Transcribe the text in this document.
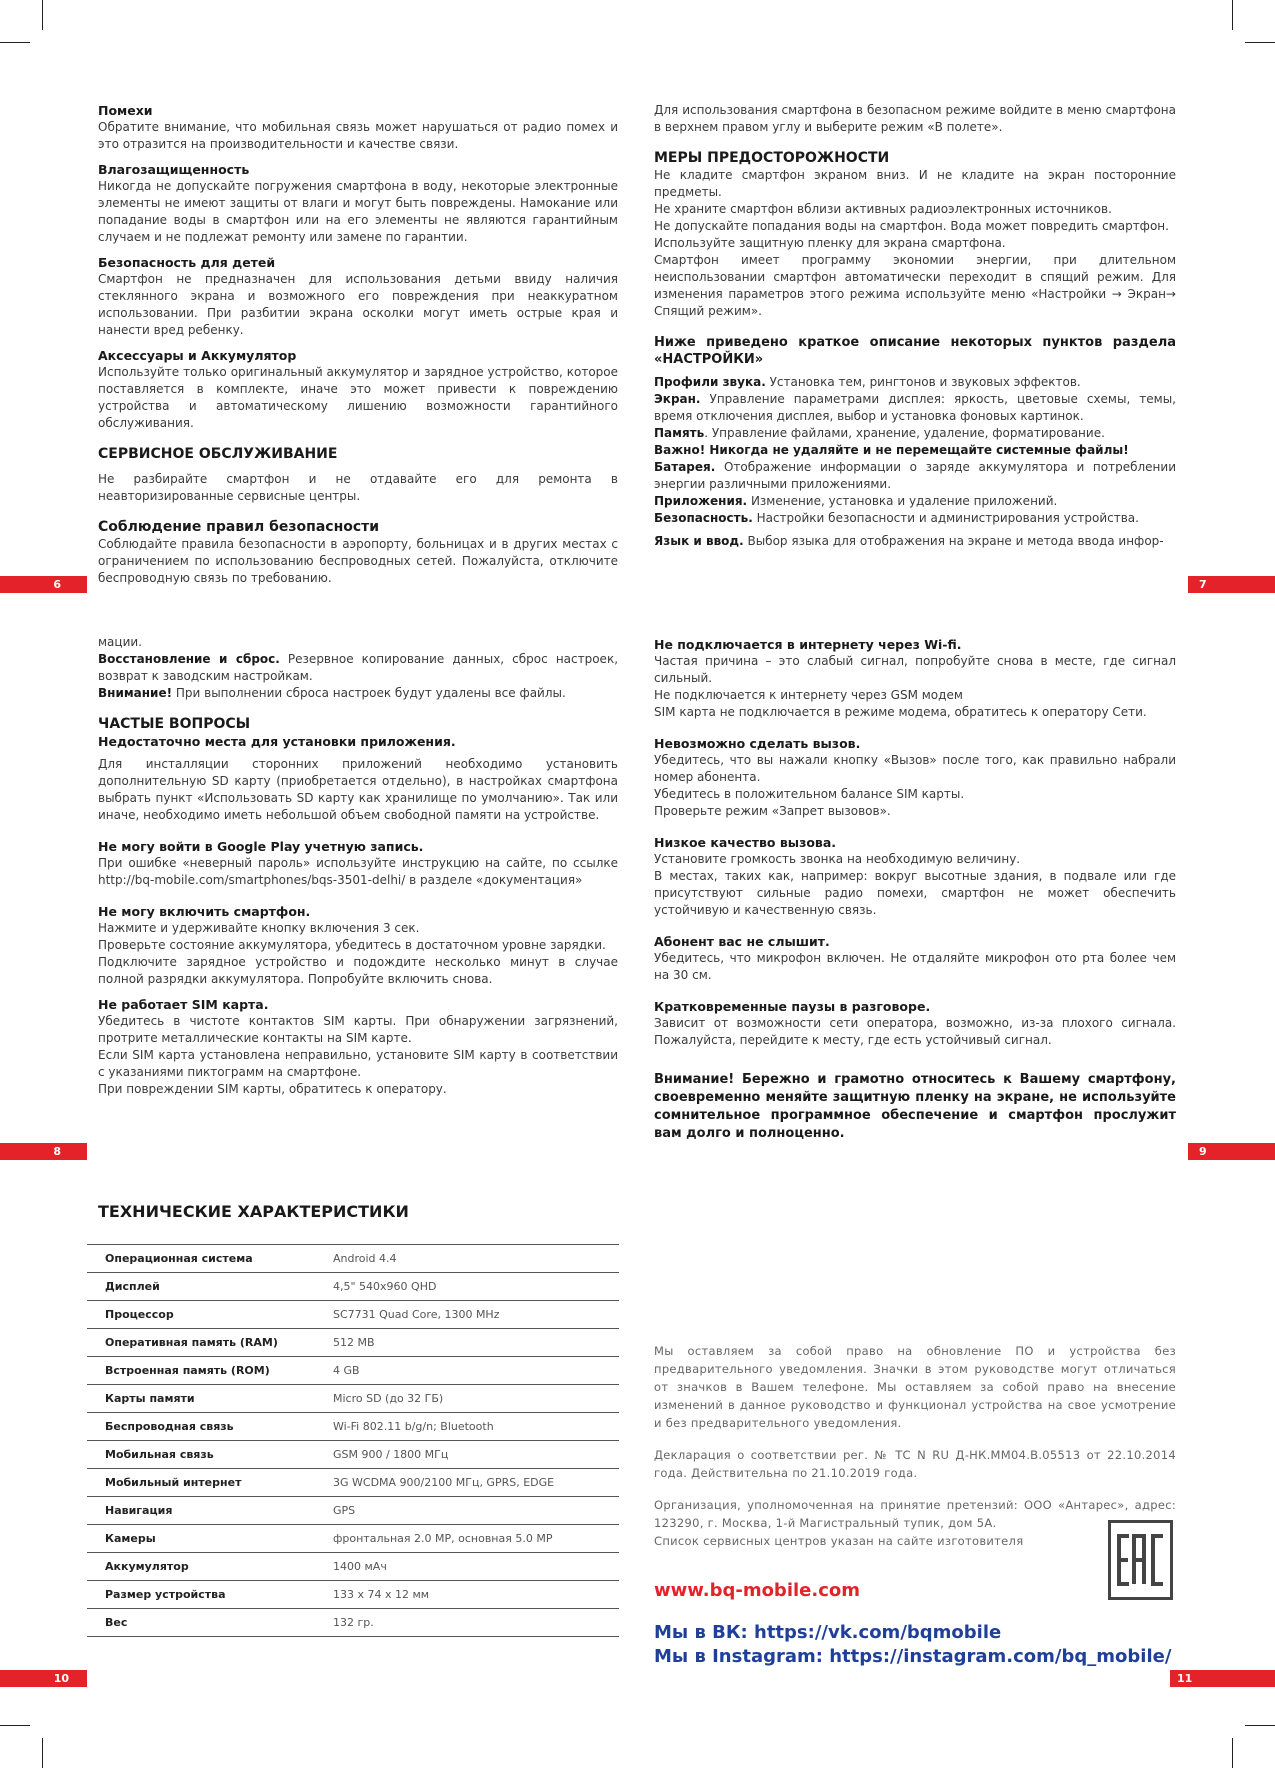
Помехи

Обратите внимание, что мобильная связь может нарушаться от радио помех и это отразится на производительности и качестве связи.

Влагозащищенность

Никогда не допускайте погружения смартфона в воду, некоторые электронные элементы не имеют защиты от влаги и могут быть повреждены. Намокание или попадание воды в смартфон или на его элементы не являются гарантийным случаем и не подлежат ремонту или замене по гарантии.

Безопасность для детей

Смартфон не предназначен для использования детьми ввиду наличия стеклянного экрана и возможного его повреждения при неаккуратном использовании. При разбитии экрана осколки могут иметь острые края и нанести вред ребенку.

Аксессуары и Аккумулятор

Используйте только оригинальный аккумулятор и зарядное устройство, которое поставляется в комплекте, иначе это может привести к повреждению устройства и автоматическому лишению возможности гарантийного обслуживания.

СЕРВИСНОЕ ОБСЛУЖИВАНИЕ

Не разбирайте смартфон и не отдавайте его для ремонта в неавторизированные сервисные центры.

Соблюдение правил безопасности

Соблюдайте правила безопасности в аэропорту, больницах и в других местах с ограничением по использованию беспроводных сетей. Пожалуйста, отключите беспроводную связь по требованию.

6

Для использования смартфона в безопасном режиме войдите в меню смартфона в верхнем правом углу и выберите режим «В полете».

МЕРЫ ПРЕДОСТОРОЖНОСТИ

Не кладите смартфон экраном вниз. И не кладите на экран посторонние предметы.

Не храните смартфон вблизи активных радиоэлектронных источников.

Не допускайте попадания воды на смартфон. Вода может повредить смартфон.

Используйте защитную пленку для экрана смартфона.

Смартфон имеет программу экономии энергии, при длительном неиспользовании смартфон автоматически переходит в спящий режим. Для изменения параметров этого режима используйте меню «Настройки → Экран→ Спящий режим».

Ниже приведено краткое описание некоторых пунктов раздела «НАСТРОЙКИ»

Профили звука. Установка тем, рингтонов и звуковых эффектов.

Экран. Управление параметрами дисплея: яркость, цветовые схемы, темы, время отключения дисплея, выбор и установка фоновых картинок.

Память. Управление файлами, хранение, удаление, форматирование.

Важно! Никогда не удаляйте и не перемещайте системные файлы!

Батарея. Отображение информации о заряде аккумулятора и потреблении энергии различными приложениями.

Приложения. Изменение, установка и удаление приложений.

Безопасность. Настройки безопасности и администрирования устройства.

Язык и ввод. Выбор языка для отображения на экране и метода ввода инфор-

7

мации.

Восстановление и сброс. Резервное копирование данных, сброс настроек, возврат к заводским настройкам.

Внимание! При выполнении сброса настроек будут удалены все файлы.

ЧАСТЫЕ ВОПРОСЫ

Недостаточно места для установки приложения.

Для инсталляции сторонних приложений необходимо установить дополнительную SD карту (приобретается отдельно), в настройках смартфона выбрать пункт «Использовать SD карту как хранилище по умолчанию». Так или иначе, необходимо иметь небольшой объем свободной памяти на устройстве.

Не могу войти в Google Play учетную запись.

При ошибке «неверный пароль» используйте инструкцию на сайте, по ссылке http://bq-mobile.com/smartphones/bqs-3501-delhi/ в разделе «документация»

Не могу включить смартфон.

Нажмите и удерживайте кнопку включения 3 сек.

Проверьте состояние аккумулятора, убедитесь в достаточном уровне зарядки.

Подключите зарядное устройство и подождите несколько минут в случае полной разрядки аккумулятора. Попробуйте включить снова.

Не работает SIM карта.

Убедитесь в чистоте контактов SIM карты. При обнаружении загрязнений, протрите металлические контакты на SIM карте.

Если SIM карта установлена неправильно, установите SIM карту в соответствии с указаниями пиктограмм на смартфоне.

При повреждении SIM карты, обратитесь к оператору.

8

Не подключается в интернету через Wi-fi.

Частая причина – это слабый сигнал, попробуйте снова в месте, где сигнал сильный.

Не подключается к интернету через GSM модем

SIM карта не подключается в режиме модема, обратитесь к оператору Сети.

Невозможно сделать вызов.

Убедитесь, что вы нажали кнопку «Вызов» после того, как правильно набрали номер абонента.

Убедитесь в положительном балансе SIM карты.

Проверьте режим «Запрет вызовов».

Низкое качество вызова.

Установите громкость звонка на необходимую величину.

В местах, таких как, например: вокруг высотные здания, в подвале или где присутствуют сильные радио помехи, смартфон не может обеспечить устойчивую и качественную связь.

Абонент вас не слышит.

Убедитесь, что микрофон включен. Не отдаляйте микрофон ото рта более чем на 30 см.

Кратковременные паузы в разговоре.

Зависит от возможности сети оператора, возможно, из-за плохого сигнала. Пожалуйста, перейдите к месту, где есть устойчивый сигнал.

Внимание! Бережно и грамотно относитесь к Вашему смартфону, своевременно меняйте защитную пленку на экране, не используйте сомнительное программное обеспечение и смартфон прослужит вам долго и полноценно.

9
ТЕХНИЧЕСКИЕ ХАРАКТЕРИСТИКИ
Операционная система	Android 4.4
Дисплей	4,5" 540x960 QHD
Процессор	SC7731 Quad Core, 1300 MHz
Оперативная память (RAM)	512 MB
Встроенная память (ROM)	4 GB
Карты памяти	Micro SD (до 32 ГБ)
Беспроводная связь	Wi-Fi 802.11 b/g/n; Bluetooth
Мобильная связь	GSM 900 / 1800 МГц
Мобильный интернет	3G WCDMA 900/2100 МГц, GPRS, EDGE
Навигация	GPS
Камеры	фронтальная 2.0 MP, основная 5.0 MP
Аккумулятор	1400 мАч
Размер устройства	133 x 74 x 12 мм
Вес	132 гр.
10

Мы оставляем за собой право на обновление ПО и устройства без предварительного уведомления. Значки в этом руководстве могут отличаться от значков в Вашем телефоне. Мы оставляем за собой право на внесение изменений в данное руководство и функционал устройства на свое усмотрение и без предварительного уведомления.

Декларация о соответствии рег. № ТС N RU Д-НК.ММ04.В.05513 от 22.10.2014 года. Действительна по 21.10.2019 года.

Организация, уполномоченная на принятие претензий: ООО «Антарес», адрес: 123290, г. Москва, 1-й Магистральный тупик, дом 5А.

Список сервисных центров указан на сайте изготовителя

www.bq-mobile.com
Мы в ВК: https://vk.com/bqmobile
Мы в Instagram: https://instagram.com/bq_mobile/
11
